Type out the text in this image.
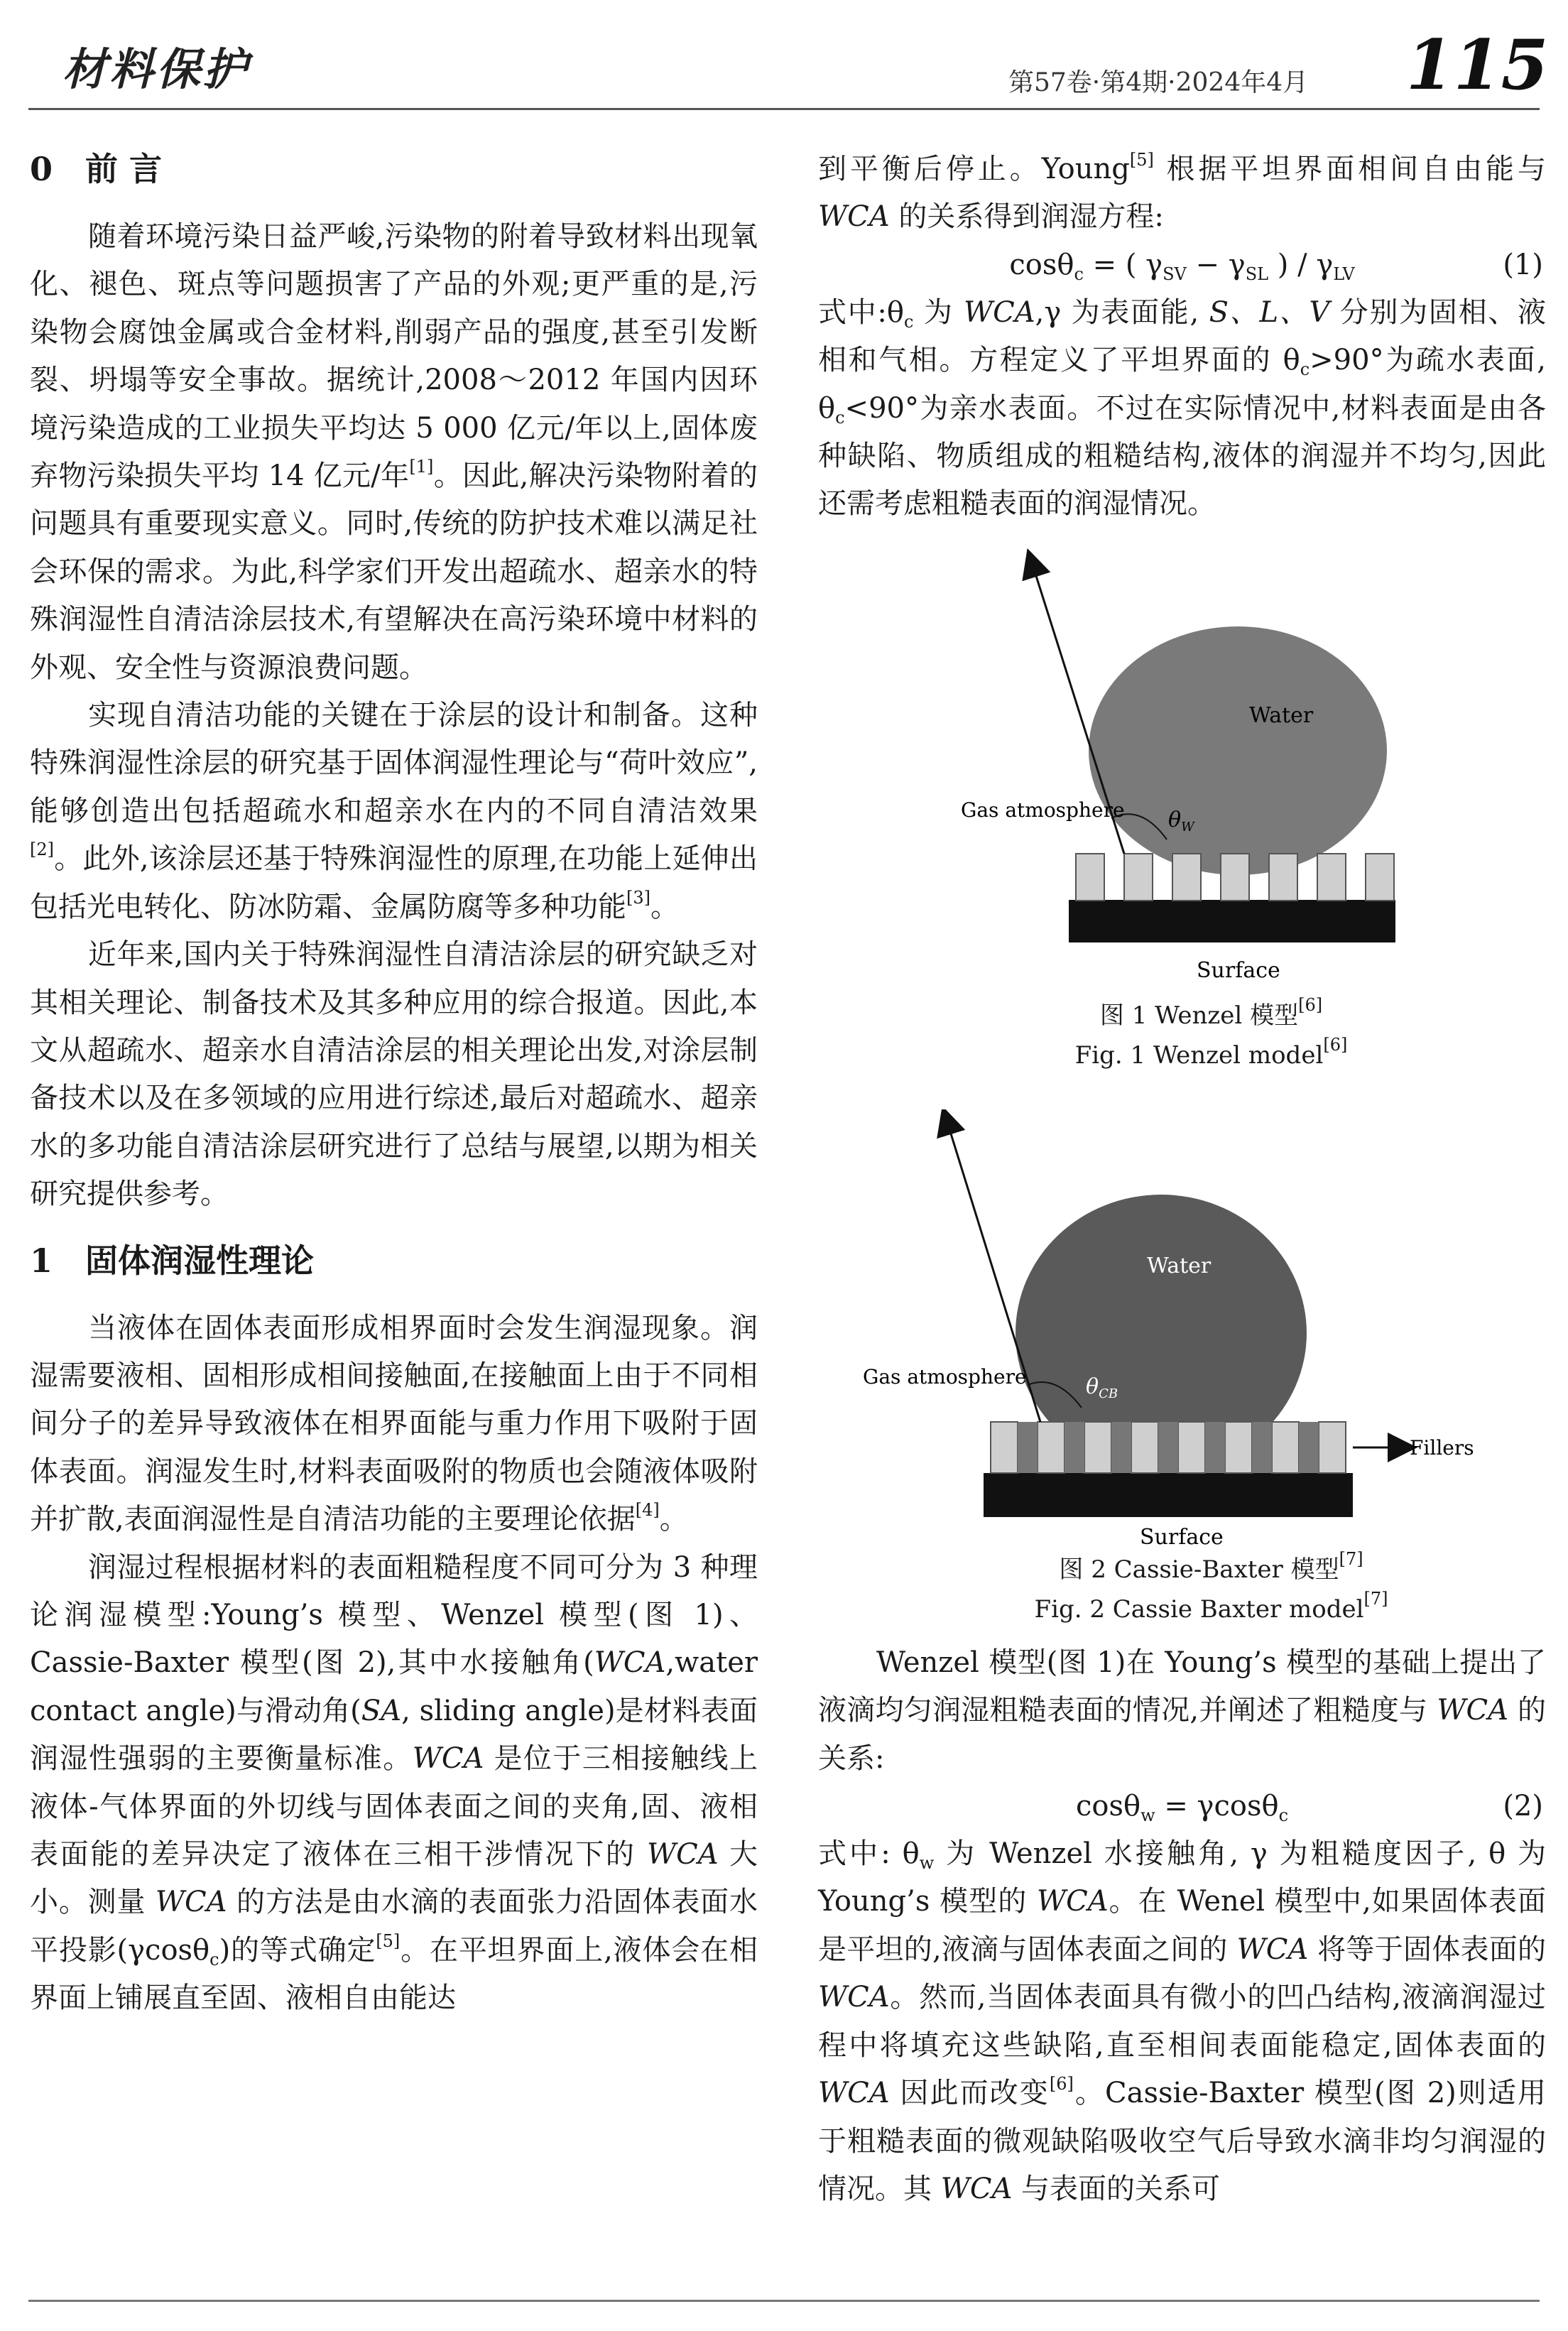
材料保护	第57卷·第4期·2024年4月 115
0 前 言

随着环境污染日益严峻,污染物的附着导致材料出现氧化、褪色、斑点等问题损害了产品的外观;更严重的是,污染物会腐蚀金属或合金材料,削弱产品的强度,甚至引发断裂、坍塌等安全事故。据统计,2008～2012 年国内因环境污染造成的工业损失平均达 5 000 亿元/年以上,固体废弃物污染损失平均 14 亿元/年[1]。因此,解决污染物附着的问题具有重要现实意义。同时,传统的防护技术难以满足社会环保的需求。为此,科学家们开发出超疏水、超亲水的特殊润湿性自清洁涂层技术,有望解决在高污染环境中材料的外观、安全性与资源浪费问题。

实现自清洁功能的关键在于涂层的设计和制备。这种特殊润湿性涂层的研究基于固体润湿性理论与“荷叶效应”,能够创造出包括超疏水和超亲水在内的不同自清洁效果[2]。此外,该涂层还基于特殊润湿性的原理,在功能上延伸出包括光电转化、防冰防霜、金属防腐等多种功能[3]。

近年来,国内关于特殊润湿性自清洁涂层的研究缺乏对其相关理论、制备技术及其多种应用的综合报道。因此,本文从超疏水、超亲水自清洁涂层的相关理论出发,对涂层制备技术以及在多领域的应用进行综述,最后对超疏水、超亲水的多功能自清洁涂层研究进行了总结与展望,以期为相关研究提供参考。

1 固体润湿性理论

当液体在固体表面形成相界面时会发生润湿现象。润湿需要液相、固相形成相间接触面,在接触面上由于不同相间分子的差异导致液体在相界面能与重力作用下吸附于固体表面。润湿发生时,材料表面吸附的物质也会随液体吸附并扩散,表面润湿性是自清洁功能的主要理论依据[4]。

润湿过程根据材料的表面粗糙程度不同可分为 3 种理论润湿模型:Young’s 模型、Wenzel 模型(图 1)、Cassie-Baxter 模型(图 2),其中水接触角(WCA,water contact angle)与滑动角(SA, sliding angle)是材料表面润湿性强弱的主要衡量标准。WCA 是位于三相接触线上液体-气体界面的外切线与固体表面之间的夹角,固、液相表面能的差异决定了液体在三相干涉情况下的 WCA 大小。测量 WCA 的方法是由水滴的表面张力沿固体表面水平投影(γcosθ$_c$)的等式确定[5]。在平坦界面上,液体会在相界面上铺展直至固、液相自由能达

到平衡后停止。Young[5] 根据平坦界面相间自由能与 WCA 的关系得到润湿方程:

cosθ$_c$ = ( $\gamma_{SV} - \gamma_{SL}$ ) / $\gamma_{LV}$	(1)

式中$:\theta_c$ 为 WCA,γ 为表面能, S、L、V 分别为固相、液相和气相。方程定义了平坦界面的 $\theta_c>90^\circ$为疏水表面, $\theta_c<90^\circ$为亲水表面。不过在实际情况中,材料表面是由各种缺陷、物质组成的粗糙结构,液体的润湿并不均匀,因此还需考虑粗糙表面的润湿情况。

Water
Gas atmosphere $\theta_W$
Surface

图 1 Wenzel 模型[6]

Fig. 1 Wenzel model[6]

Water
Gas atmosphere	$\theta_{CB}$
Fillers
Surface

图 2 Cassie-Baxter 模型[7]

Fig. 2 Cassie Baxter model[7]

Wenzel 模型(图 1)在 Young’s 模型的基础上提出了液滴均匀润湿粗糙表面的情况,并阐述了粗糙度与 WCA 的关系:

cosθ$_w$ = γcosθ$_c$	(2)

式中: $\theta_w$ 为 Wenzel 水接触角, γ 为粗糙度因子, θ 为 Young’s 模型的 WCA。在 Wenel 模型中,如果固体表面是平坦的,液滴与固体表面之间的 WCA 将等于固体表面的 WCA。然而,当固体表面具有微小的凹凸结构,液滴润湿过程中将填充这些缺陷,直至相间表面能稳定,固体表面的 WCA 因此而改变[6]。Cassie-Baxter 模型(图 2)则适用于粗糙表面的微观缺陷吸收空气后导致水滴非均匀润湿的情况。其 WCA 与表面的关系可
